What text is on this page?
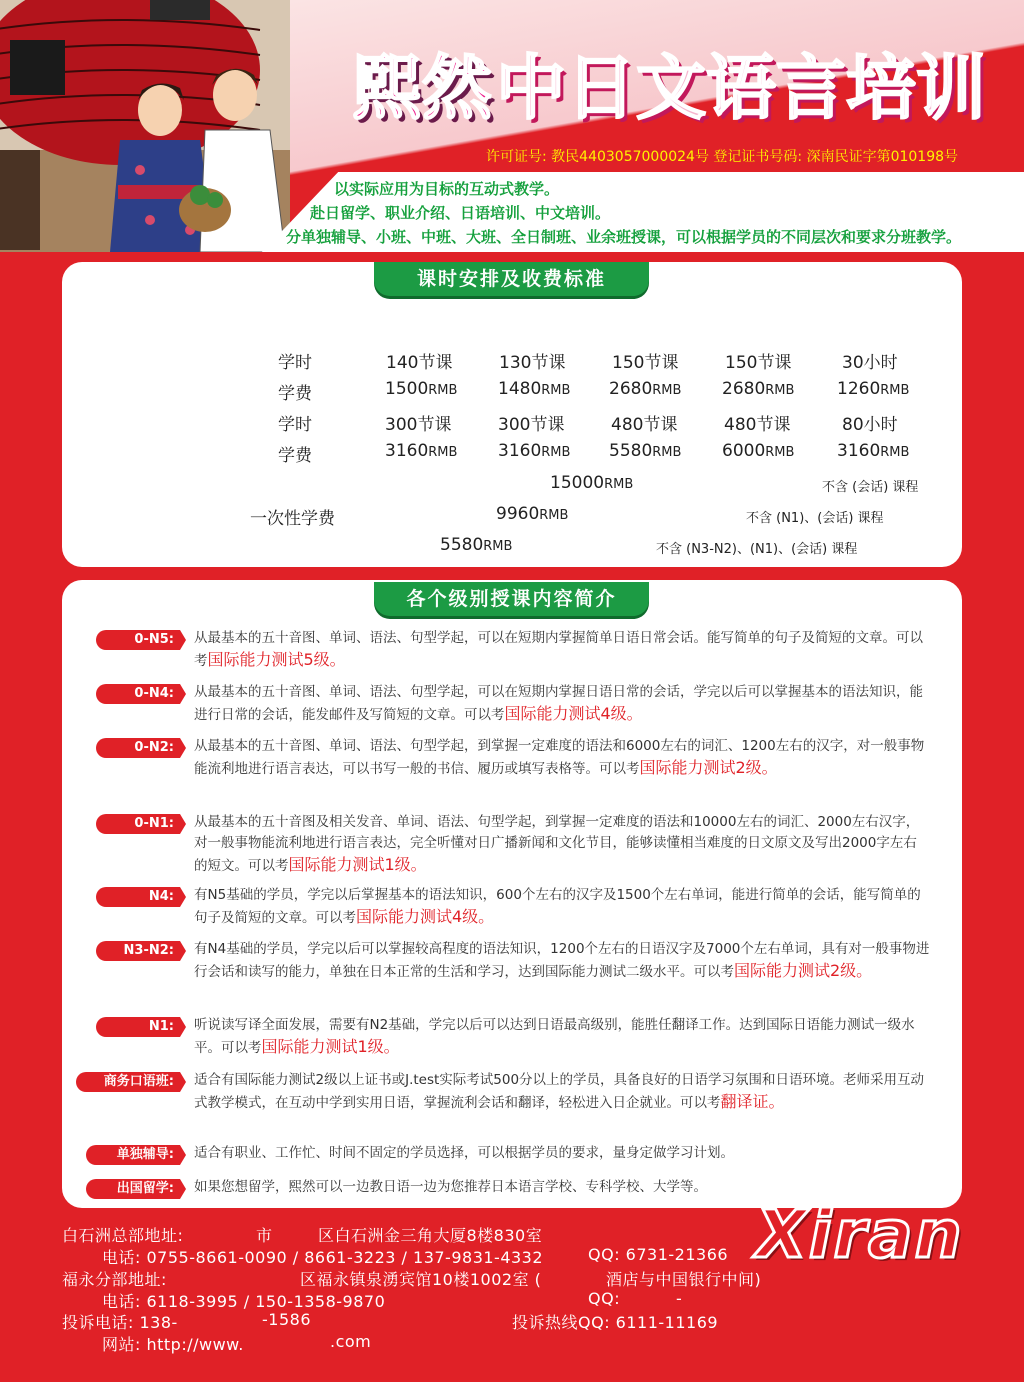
熙然中日文语言培训
许可证号: 教民4403057000024号 登记证书号码: 深南民证字第010198号
以实际应用为目标的互动式教学。
赴日留学、职业介绍、日语培训、中文培训。
分单独辅导、小班、中班、大班、全日制班、业余班授课，可以根据学员的不同层次和要求分班教学。
课时安排及收费标准
学时	140节课	130节课	150节课	150节课	30小时
学费	1500RMB 1480RMB 2680RMB 2680RMB	1260RMB
学时	300节课	300节课	480节课	480节课	80小时
学费	3160RMB 3160RMB 5580RMB 6000RMB	3160RMB
15000RMB	不含 (会话) 课程
一次性学费	9960RMB	不含 (N1)、(会话) 课程
5580RMB	不含 (N3-N2)、(N1)、(会话) 课程
各个级别授课内容简介
0-N5:	从最基本的五十音图、单词、语法、句型学起，可以在短期内掌握简单日语日常会话。能写简单的句子及简短的文章。可以考国际能力测试5级。
0-N4:	从最基本的五十音图、单词、语法、句型学起，可以在短期内掌握日语日常的会话，学完以后可以掌握基本的语法知识，能进行日常的会话，能发邮件及写简短的文章。可以考国际能力测试4级。
0-N2:	从最基本的五十音图、单词、语法、句型学起，到掌握一定难度的语法和6000左右的词汇、1200左右的汉字，对一般事物能流利地进行语言表达，可以书写一般的书信、履历或填写表格等。可以考国际能力测试2级。
0-N1:	从最基本的五十音图及相关发音、单词、语法、句型学起，到掌握一定难度的语法和10000左右的词汇、2000左右汉字，对一般事物能流利地进行语言表达，完全听懂对日广播新闻和文化节目，能够读懂相当难度的日文原文及写出2000字左右的短文。可以考国际能力测试1级。
N4:	有N5基础的学员，学完以后掌握基本的语法知识，600个左右的汉字及1500个左右单词，能进行简单的会话，能写简单的句子及简短的文章。可以考国际能力测试4级。
N3-N2:	有N4基础的学员，学完以后可以掌握较高程度的语法知识，1200个左右的日语汉字及7000个左右单词，具有对一般事物进行会话和读写的能力，单独在日本正常的生活和学习，达到国际能力测试二级水平。可以考国际能力测试2级。
N1:	听说读写译全面发展，需要有N2基础，学完以后可以达到日语最高级别，能胜任翻译工作。达到国际日语能力测试一级水平。可以考国际能力测试1级。
商务口语班:	适合有国际能力测试2级以上证书或J.test实际考试500分以上的学员，具备良好的日语学习氛围和日语环境。老师采用互动式教学模式，在互动中学到实用日语，掌握流利会话和翻译，轻松进入日企就业。可以考翻译证。
单独辅导:	适合有职业、工作忙、时间不固定的学员选择，可以根据学员的要求，量身定做学习计划。
出国留学:	如果您想留学，熙然可以一边教日语一边为您推荐日本语言学校、专科学校、大学等。
白石洲总部地址:	市	区白石洲金三角大厦8楼830室
电话: 0755-8661-0090 / 8661-3223 / 137-9831-4332	QQ: 6731-21366
福永分部地址:	区福永镇泉湧宾馆10楼1002室 (	酒店与中国银行中间)
电话: 6118-3995 / 150-1358-9870	QQ:	-
投诉电话: 138-	-1586	投诉热线QQ: 6111-11169
网站: http://www.	.com
Xiran
